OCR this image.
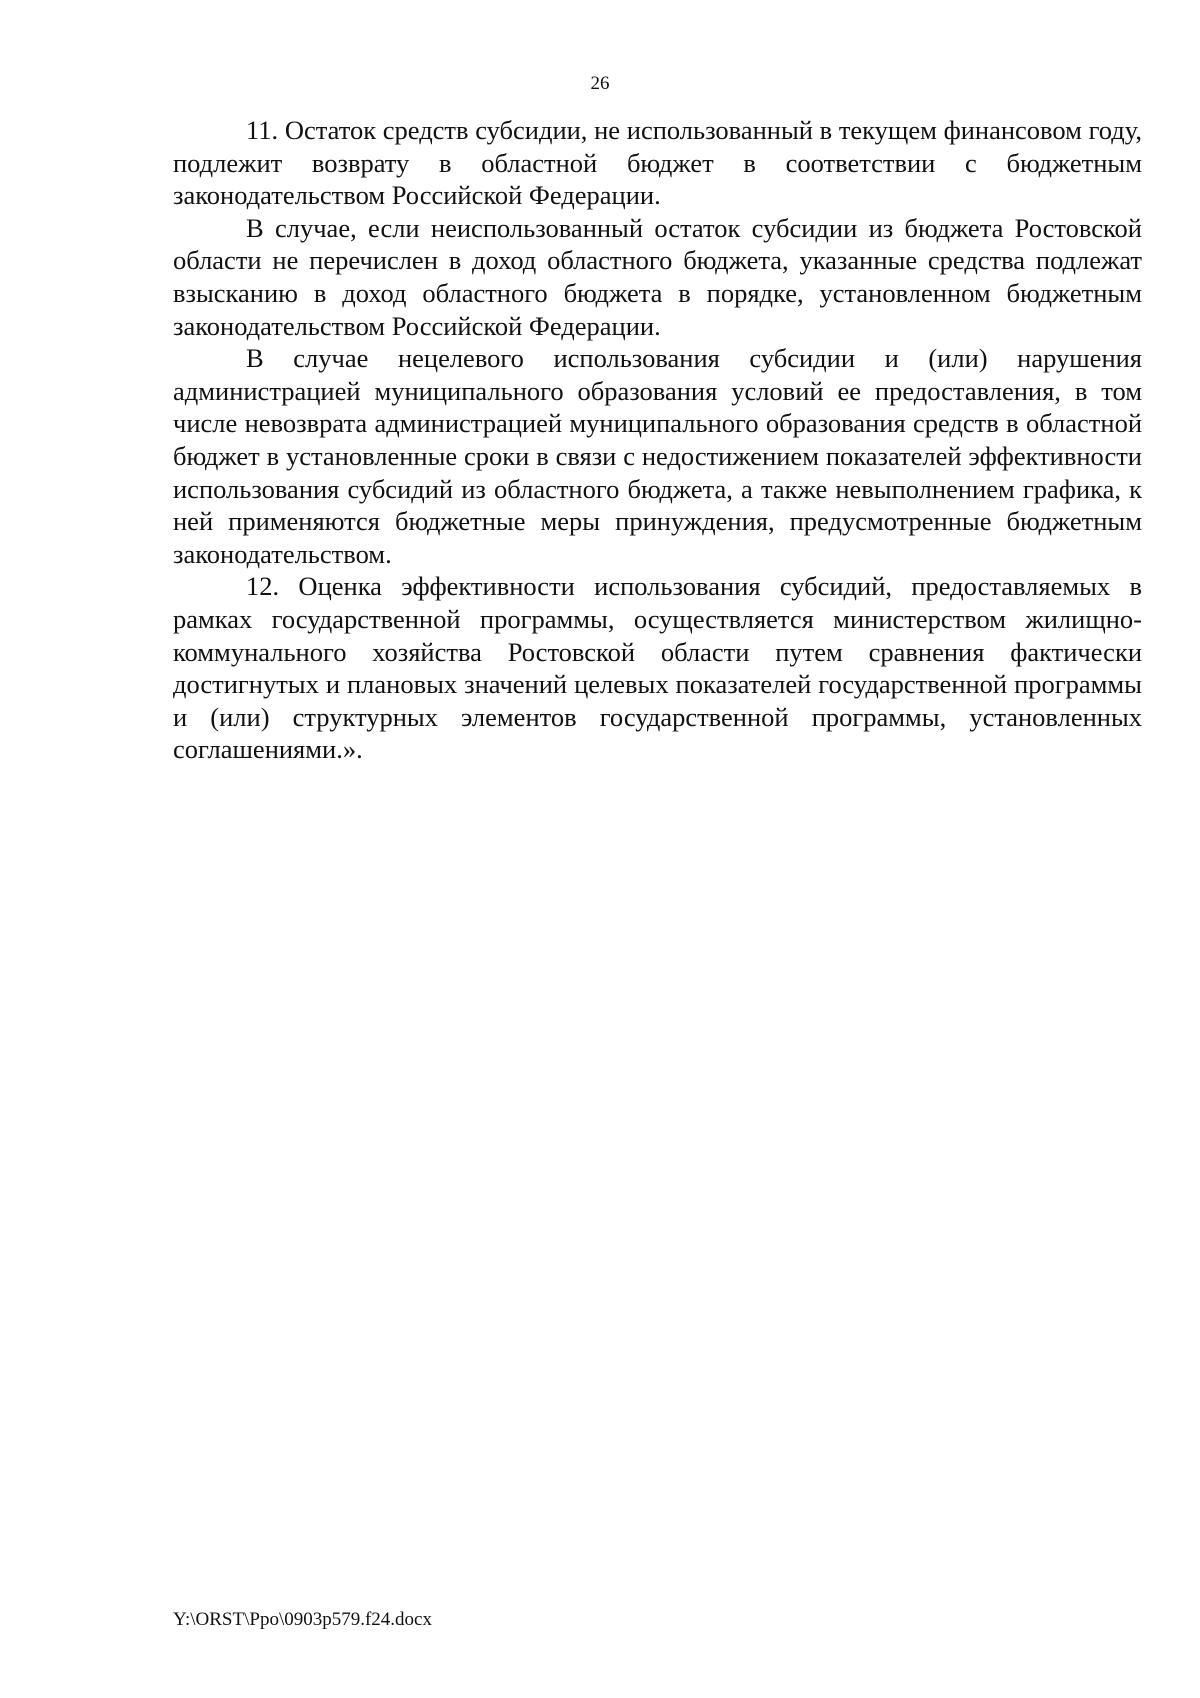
26

11. Остаток средств субсидии, не использованный в текущем финансовом году, подлежит возврату в областной бюджет в соответствии с бюджетным законодательством Российской Федерации.

В случае, если неиспользованный остаток субсидии из бюджета Ростовской области не перечислен в доход областного бюджета, указанные средства подлежат взысканию в доход областного бюджета в порядке, установленном бюджетным законодательством Российской Федерации.

В случае нецелевого использования субсидии и (или) нарушения администрацией муниципального образования условий ее предоставления, в том числе невозврата администрацией муниципального образования средств в областной бюджет в установленные сроки в связи с недостижением показателей эффективности использования субсидий из областного бюджета, а также невыполнением графика, к ней применяются бюджетные меры принуждения, предусмотренные бюджетным законодательством.

12. Оценка эффективности использования субсидий, предоставляемых в рамках государственной программы, осуществляется министерством жилищно-коммунального хозяйства Ростовской области путем сравнения фактически достигнутых и плановых значений целевых показателей государственной программы и (или) структурных элементов государственной программы, установленных соглашениями.».

Y:\ORST\Ppo\0903p579.f24.docx
